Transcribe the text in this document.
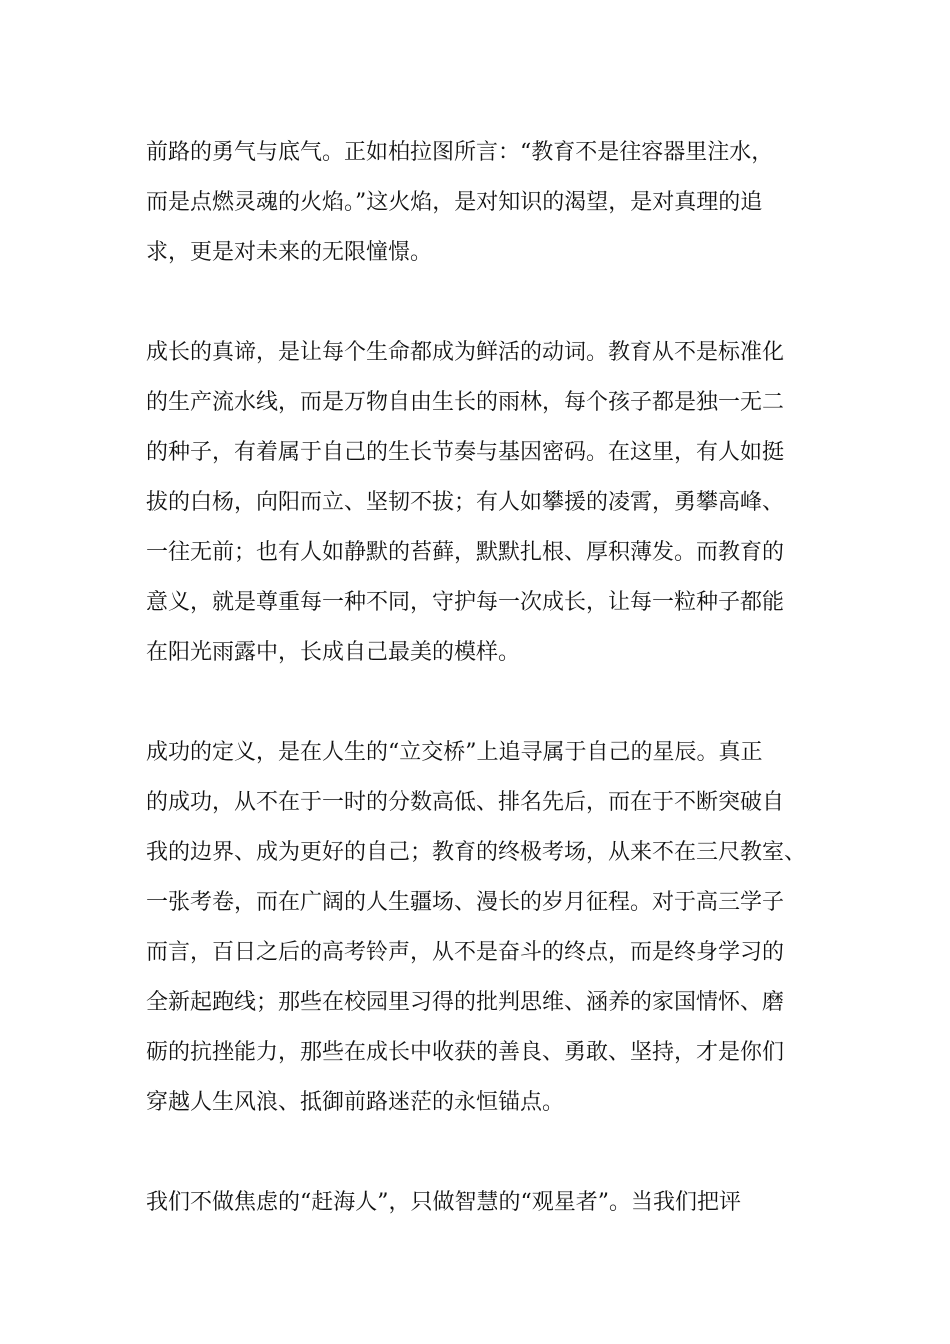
前路的勇气与底气。正如柏拉图所言：“教育不是往容器里注水，
而是点燃灵魂的火焰。”这火焰，是对知识的渴望，是对真理的追
求，更是对未来的无限憧憬。
成长的真谛，是让每个生命都成为鲜活的动词。教育从不是标准化
的生产流水线，而是万物自由生长的雨林，每个孩子都是独一无二
的种子，有着属于自己的生长节奏与基因密码。在这里，有人如挺
拔的白杨，向阳而立、坚韧不拔；有人如攀援的凌霄，勇攀高峰、
一往无前；也有人如静默的苔藓，默默扎根、厚积薄发。而教育的
意义，就是尊重每一种不同，守护每一次成长，让每一粒种子都能
在阳光雨露中，长成自己最美的模样。
成功的定义，是在人生的“立交桥”上追寻属于自己的星辰。真正
的成功，从不在于一时的分数高低、排名先后，而在于不断突破自
我的边界、成为更好的自己；教育的终极考场，从来不在三尺教室、
一张考卷，而在广阔的人生疆场、漫长的岁月征程。对于高三学子
而言，百日之后的高考铃声，从不是奋斗的终点，而是终身学习的
全新起跑线；那些在校园里习得的批判思维、涵养的家国情怀、磨
砺的抗挫能力，那些在成长中收获的善良、勇敢、坚持，才是你们
穿越人生风浪、抵御前路迷茫的永恒锚点。
我们不做焦虑的“赶海人”，只做智慧的“观星者”。当我们把评
